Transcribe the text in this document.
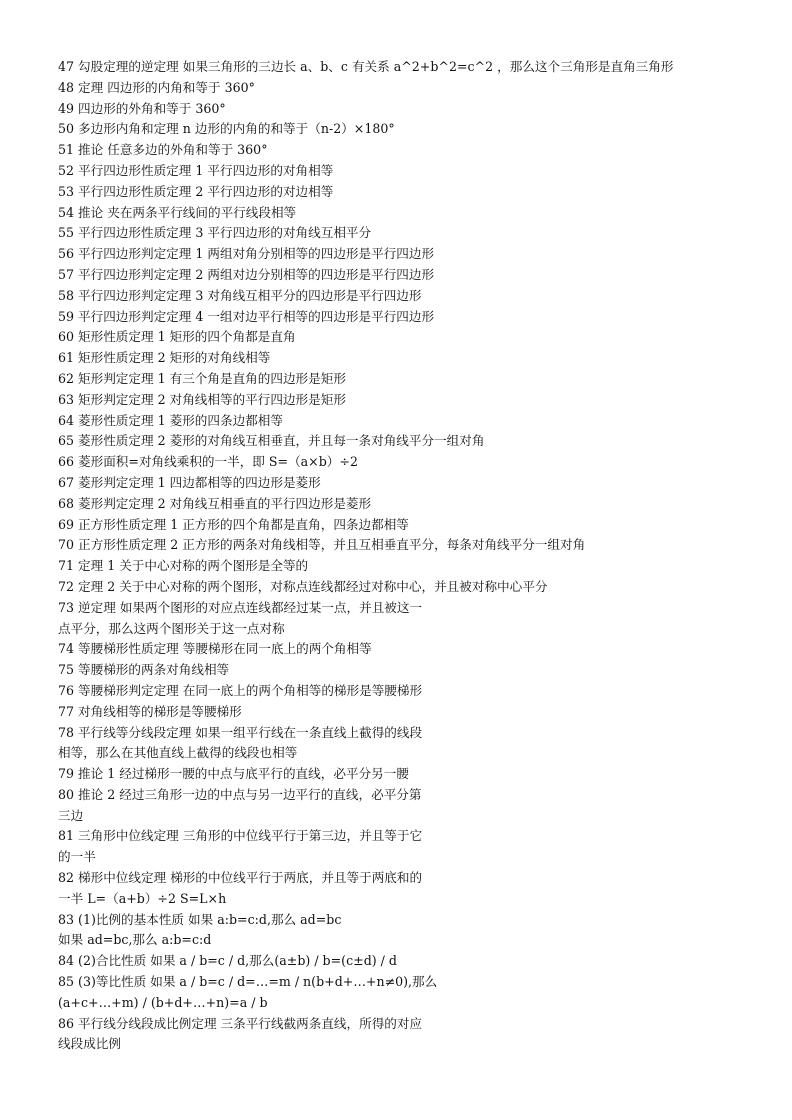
47 勾股定理的逆定理 如果三角形的三边长 a、b、c 有关系 a^2+b^2=c^2 ，那么这个三角形是直角三角形
48 定理 四边形的内角和等于 360°
49 四边形的外角和等于 360°
50 多边形内角和定理 n 边形的内角的和等于（n-2）×180°
51 推论 任意多边的外角和等于 360°
52 平行四边形性质定理 1 平行四边形的对角相等
53 平行四边形性质定理 2 平行四边形的对边相等
54 推论 夹在两条平行线间的平行线段相等
55 平行四边形性质定理 3 平行四边形的对角线互相平分
56 平行四边形判定定理 1 两组对角分别相等的四边形是平行四边形
57 平行四边形判定定理 2 两组对边分别相等的四边形是平行四边形
58 平行四边形判定定理 3 对角线互相平分的四边形是平行四边形
59 平行四边形判定定理 4 一组对边平行相等的四边形是平行四边形
60 矩形性质定理 1 矩形的四个角都是直角
61 矩形性质定理 2 矩形的对角线相等
62 矩形判定定理 1 有三个角是直角的四边形是矩形
63 矩形判定定理 2 对角线相等的平行四边形是矩形
64 菱形性质定理 1 菱形的四条边都相等
65 菱形性质定理 2 菱形的对角线互相垂直，并且每一条对角线平分一组对角
66 菱形面积=对角线乘积的一半，即 S=（a×b）÷2
67 菱形判定定理 1 四边都相等的四边形是菱形
68 菱形判定定理 2 对角线互相垂直的平行四边形是菱形
69 正方形性质定理 1 正方形的四个角都是直角，四条边都相等
70 正方形性质定理 2 正方形的两条对角线相等，并且互相垂直平分，每条对角线平分一组对角
71 定理 1 关于中心对称的两个图形是全等的
72 定理 2 关于中心对称的两个图形，对称点连线都经过对称中心，并且被对称中心平分
73 逆定理 如果两个图形的对应点连线都经过某一点，并且被这一
点平分，那么这两个图形关于这一点对称
74 等腰梯形性质定理 等腰梯形在同一底上的两个角相等
75 等腰梯形的两条对角线相等
76 等腰梯形判定定理 在同一底上的两个角相等的梯形是等腰梯形
77 对角线相等的梯形是等腰梯形
78 平行线等分线段定理 如果一组平行线在一条直线上截得的线段
相等，那么在其他直线上截得的线段也相等
79 推论 1 经过梯形一腰的中点与底平行的直线，必平分另一腰
80 推论 2 经过三角形一边的中点与另一边平行的直线，必平分第
三边
81 三角形中位线定理 三角形的中位线平行于第三边，并且等于它
的一半
82 梯形中位线定理 梯形的中位线平行于两底，并且等于两底和的
一半 L=（a+b）÷2 S=L×h
83 (1)比例的基本性质 如果 a:b=c:d,那么 ad=bc
如果 ad=bc,那么 a:b=c:d
84 (2)合比性质 如果 a / b=c / d,那么(a±b) / b=(c±d) / d
85 (3)等比性质 如果 a / b=c / d=…=m / n(b+d+…+n≠0),那么
(a+c+…+m) / (b+d+…+n)=a / b
86 平行线分线段成比例定理 三条平行线截两条直线，所得的对应
线段成比例
